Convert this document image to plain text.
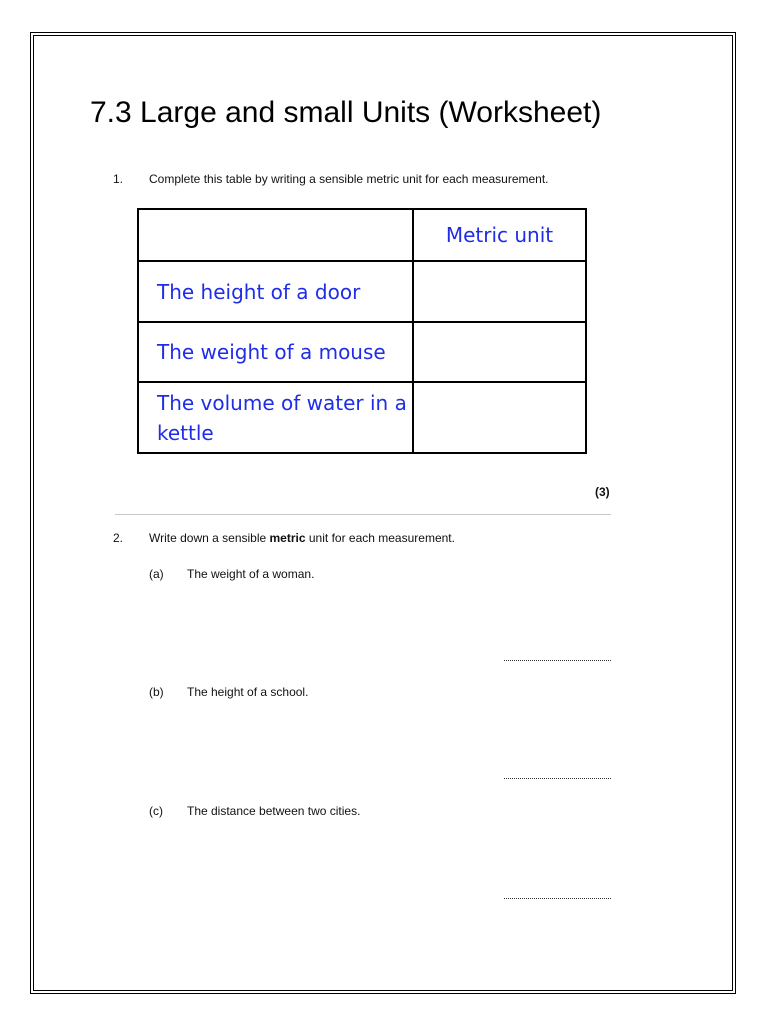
7.3 Large and small Units (Worksheet)
1. Complete this table by writing a sensible metric unit for each measurement.
	Metric unit
The height of a door	
The weight of a mouse	
The volume of water in a kettle	
(3)
2. Write down a sensible metric unit for each measurement.
(a) The weight of a woman.
(b) The height of a school.
(c) The distance between two cities.
